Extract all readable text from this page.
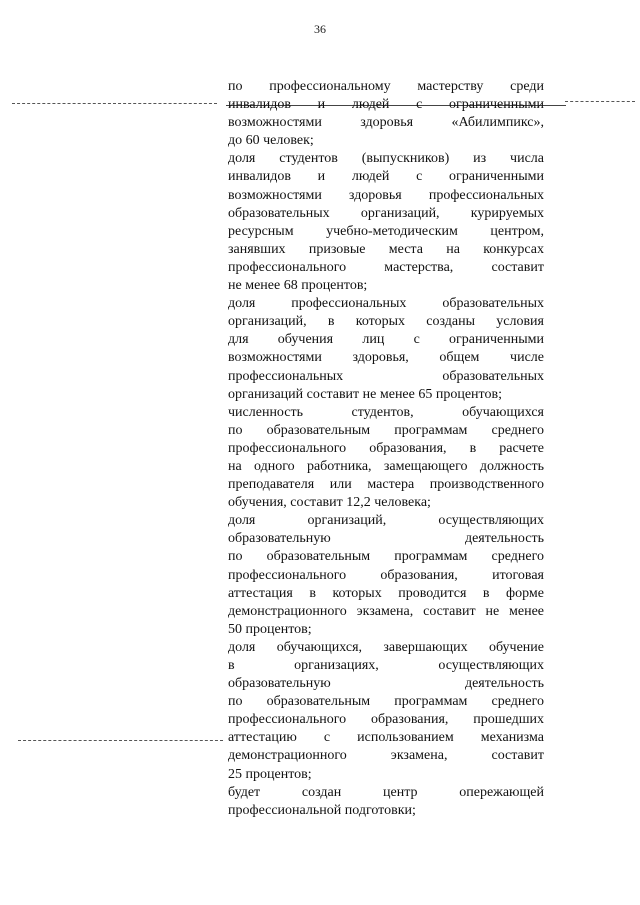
36
по профессиональному мастерству среди
инвалидов и людей с ограниченными
возможностями здоровья «Абилимпикс»,
до 60 человек;
доля студентов (выпускников) из числа
инвалидов и людей с ограниченными
возможностями здоровья профессиональных
образовательных организаций, курируемых
ресурсным учебно-методическим центром,
занявших призовые места на конкурсах
профессионального мастерства, составит
не менее 68 процентов;
доля профессиональных образовательных
организаций, в которых созданы условия
для обучения лиц с ограниченными
возможностями здоровья, общем числе
профессиональных образовательных
организаций составит не менее 65 процентов;
численность студентов, обучающихся
по образовательным программам среднего
профессионального образования, в расчете
на одного работника, замещающего должность
преподавателя или мастера производственного
обучения, составит 12,2 человека;
доля организаций, осуществляющих
образовательную деятельность
по образовательным программам среднего
профессионального образования, итоговая
аттестация в которых проводится в форме
демонстрационного экзамена, составит не менее
50 процентов;
доля обучающихся, завершающих обучение
в организациях, осуществляющих
образовательную деятельность
по образовательным программам среднего
профессионального образования, прошедших
аттестацию с использованием механизма
демонстрационного экзамена, составит
25 процентов;
будет создан центр опережающей
профессиональной подготовки;
